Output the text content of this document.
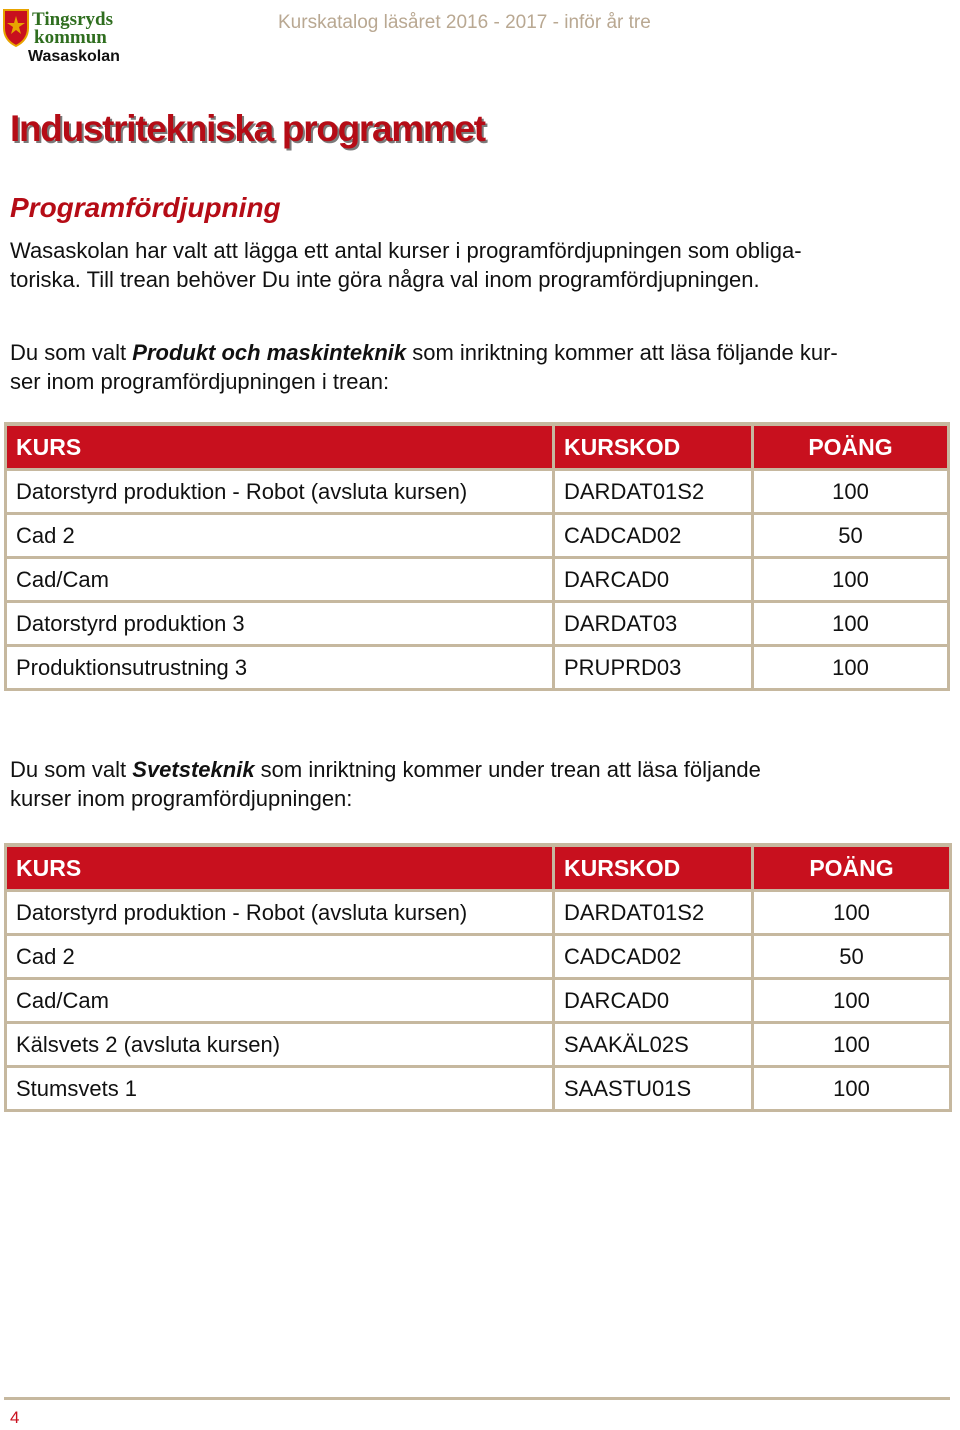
Tingsryds
kommun
Wasaskolan
Kurskatalog läsåret 2016 - 2017 - inför år tre
Industritekniska programmet
Programfördjupning

Wasaskolan har valt att lägga ett antal kurser i programfördjupningen som obliga-

toriska. Till trean behöver Du inte göra några val inom programfördjupningen.

Du som valt Produkt och maskinteknik som inriktning kommer att läsa följande kur-

ser inom programfördjupningen i trean:

KURS	KURSKOD	POÄNG
Datorstyrd produktion - Robot (avsluta kursen)	DARDAT01S2	100
Cad 2	CADCAD02	50
Cad/Cam	DARCAD0	100
Datorstyrd produktion 3	DARDAT03	100
Produktionsutrustning 3	PRUPRD03	100

Du som valt Svetsteknik som inriktning kommer under trean att läsa följande

kurser inom programfördjupningen:

KURS	KURSKOD	POÄNG
Datorstyrd produktion - Robot (avsluta kursen)	DARDAT01S2	100
Cad 2	CADCAD02	50
Cad/Cam	DARCAD0	100
Kälsvets 2 (avsluta kursen)	SAAKÄL02S	100
Stumsvets 1	SAASTU01S	100
4
